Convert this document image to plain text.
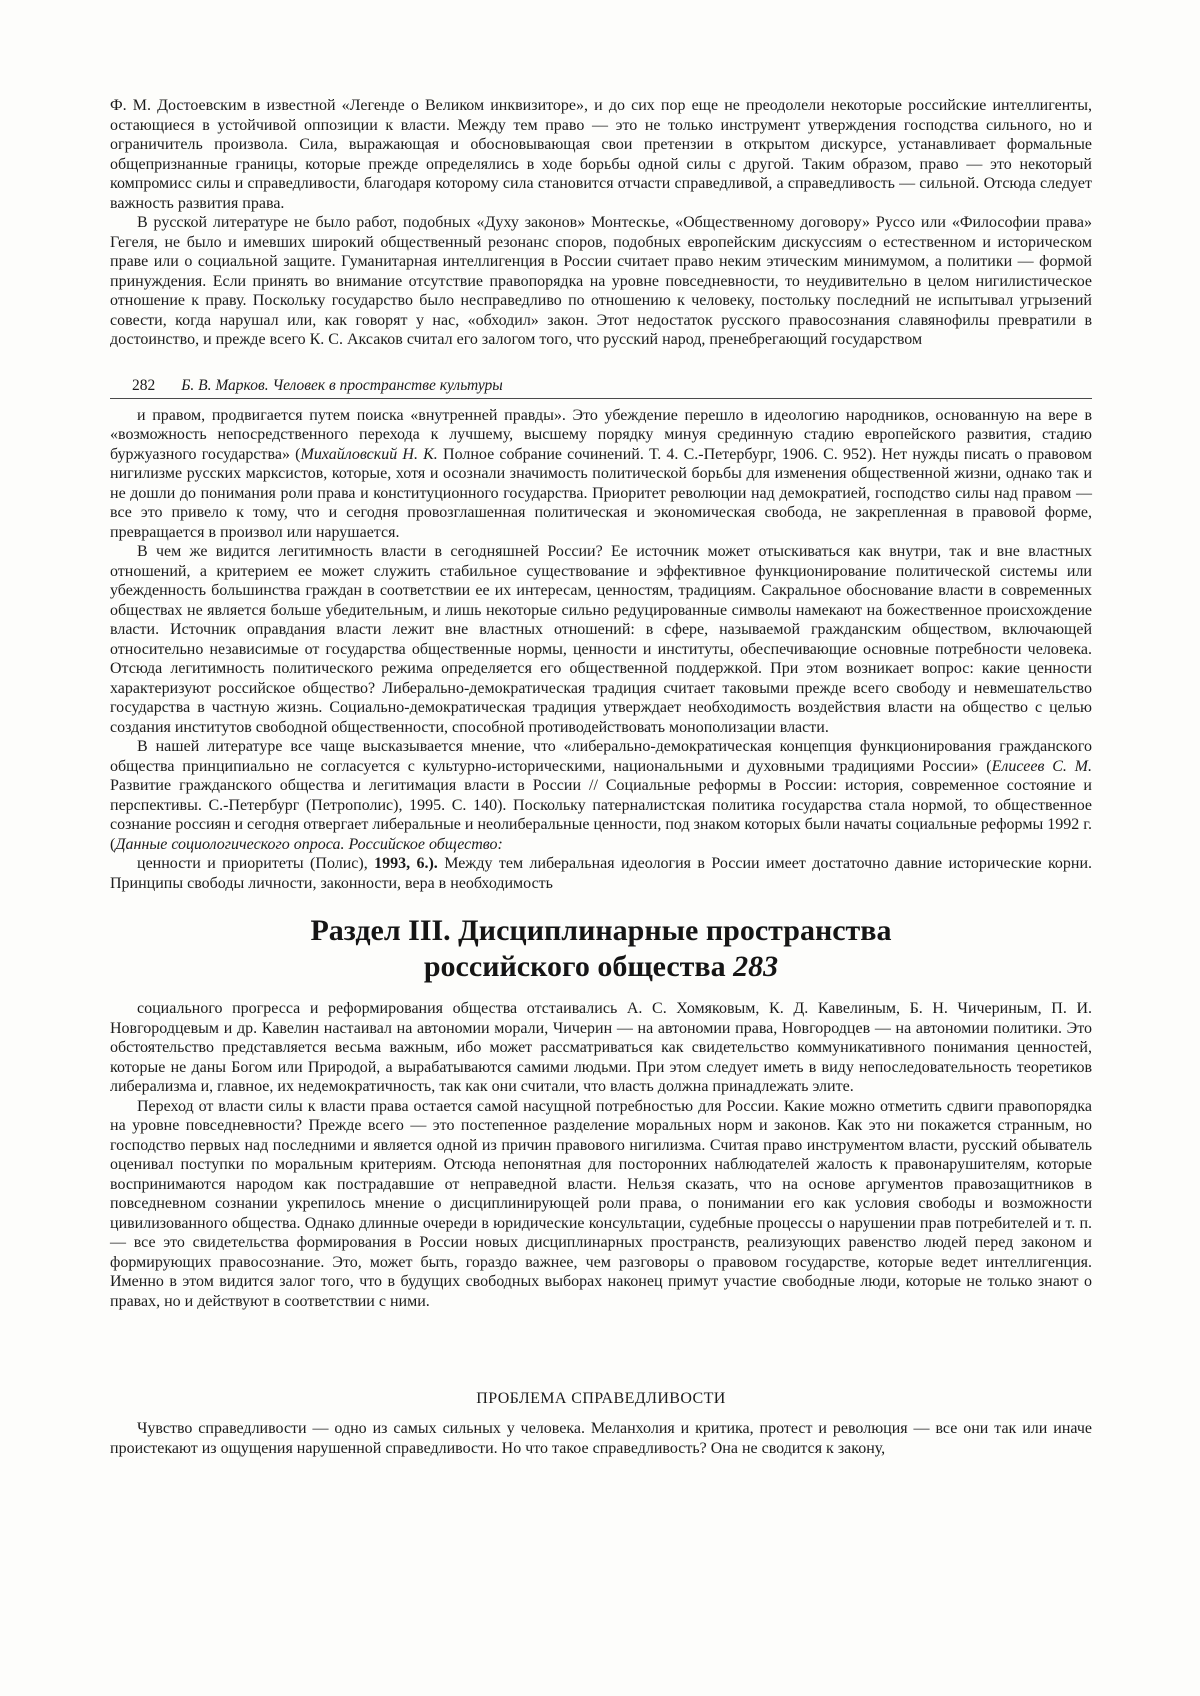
Ф. М. Достоевским в известной «Легенде о Великом инквизиторе», и до сих пор еще не преодолели некоторые российские интеллигенты, остающиеся в устойчивой оппозиции к власти. Между тем право — это не только инструмент утверждения господства сильного, но и ограничитель произвола. Сила, выражающая и обосновывающая свои претензии в открытом дискурсе, устанавливает формальные общепризнанные границы, которые прежде определялись в ходе борьбы одной силы с другой. Таким образом, право — это некоторый компромисс силы и справедливости, благодаря которому сила становится отчасти справедливой, а справедливость — сильной. Отсюда следует важность развития права.

В русской литературе не было работ, подобных «Духу законов» Монтескье, «Общественному договору» Руссо или «Философии права» Гегеля, не было и имевших широкий общественный резонанс споров, подобных европейским дискуссиям о естественном и историческом праве или о социальной защите. Гуманитарная интеллигенция в России считает право неким этическим минимумом, а политики — формой принуждения. Если принять во внимание отсутствие правопорядка на уровне повседневности, то неудивительно в целом нигилистическое отношение к праву. Поскольку государство было несправедливо по отношению к человеку, постольку последний не испытывал угрызений совести, когда нарушал или, как говорят у нас, «обходил» закон. Этот недостаток русского правосознания славянофилы превратили в достоинство, и прежде всего К. С. Аксаков считал его залогом того, что русский народ, пренебрегающий государством

282 Б. В. Марков. Человек в пространстве культуры

и правом, продвигается путем поиска «внутренней правды». Это убеждение перешло в идеологию народников, основанную на вере в «возможность непосредственного перехода к лучшему, высшему порядку минуя срединную стадию европейского развития, стадию буржуазного государства» (Михайловский Н. К. Полное собрание сочинений. Т. 4. С.-Петербург, 1906. С. 952). Нет нужды писать о правовом нигилизме русских марксистов, которые, хотя и осознали значимость политической борьбы для изменения общественной жизни, однако так и не дошли до понимания роли права и конституционного государства. Приоритет революции над демократией, господство силы над правом — все это привело к тому, что и сегодня провозглашенная политическая и экономическая свобода, не закрепленная в правовой форме, превращается в произвол или нарушается.

В чем же видится легитимность власти в сегодняшней России? Ее источник может отыскиваться как внутри, так и вне властных отношений, а критерием ее может служить стабильное существование и эффективное функционирование политической системы или убежденность большинства граждан в соответствии ее их интересам, ценностям, традициям. Сакральное обоснование власти в современных обществах не является больше убедительным, и лишь некоторые сильно редуцированные символы намекают на божественное происхождение власти. Источник оправдания власти лежит вне властных отношений: в сфере, называемой гражданским обществом, включающей относительно независимые от государства общественные нормы, ценности и институты, обеспечивающие основные потребности человека. Отсюда легитимность политического режима определяется его общественной поддержкой. При этом возникает вопрос: какие ценности характеризуют российское общество? Либерально-демократическая традиция считает таковыми прежде всего свободу и невмешательство государства в частную жизнь. Социально-демократическая традиция утверждает необходимость воздействия власти на общество с целью создания институтов свободной общественности, способной противодействовать монополизации власти.

В нашей литературе все чаще высказывается мнение, что «либерально-демократическая концепция функционирования гражданского общества принципиально не согласуется с культурно-историческими, национальными и духовными традициями России» (Елисеев С. М. Развитие гражданского общества и легитимация власти в России // Социальные реформы в России: история, современное состояние и перспективы. С.-Петербург (Петрополис), 1995. С. 140). Поскольку патерналистская политика государства стала нормой, то общественное сознание россиян и сегодня отвергает либеральные и неолиберальные ценности, под знаком которых были начаты социальные реформы 1992 г. (Данные социологического опроса. Российское общество:

ценности и приоритеты (Полис), 1993, 6.). Между тем либеральная идеология в России имеет достаточно давние исторические корни. Принципы свободы личности, законности, вера в необходимость

Раздел III. Дисциплинарные пространства
российского общества 283

социального прогресса и реформирования общества отстаивались А. С. Хомяковым, К. Д. Кавелиным, Б. Н. Чичериным, П. И. Новгородцевым и др. Кавелин настаивал на автономии морали, Чичерин — на автономии права, Новгородцев — на автономии политики. Это обстоятельство представляется весьма важным, ибо может рассматриваться как свидетельство коммуникативного понимания ценностей, которые не даны Богом или Природой, а вырабатываются самими людьми. При этом следует иметь в виду непоследовательность теоретиков либерализма и, главное, их недемократичность, так как они считали, что власть должна принадлежать элите.

Переход от власти силы к власти права остается самой насущной потребностью для России. Какие можно отметить сдвиги правопорядка на уровне повседневности? Прежде всего — это постепенное разделение моральных норм и законов. Как это ни покажется странным, но господство первых над последними и является одной из причин правового нигилизма. Считая право инструментом власти, русский обыватель оценивал поступки по моральным критериям. Отсюда непонятная для посторонних наблюдателей жалость к правонарушителям, которые воспринимаются народом как пострадавшие от неправедной власти. Нельзя сказать, что на основе аргументов правозащитников в повседневном сознании укрепилось мнение о дисциплинирующей роли права, о понимании его как условия свободы и возможности цивилизованного общества. Однако длинные очереди в юридические консультации, судебные процессы о нарушении прав потребителей и т. п. — все это свидетельства формирования в России новых дисциплинарных пространств, реализующих равенство людей перед законом и формирующих правосознание. Это, может быть, гораздо важнее, чем разговоры о правовом государстве, которые ведет интеллигенция. Именно в этом видится залог того, что в будущих свободных выборах наконец примут участие свободные люди, которые не только знают о правах, но и действуют в соответствии с ними.

ПРОБЛЕМА СПРАВЕДЛИВОСТИ

Чувство справедливости — одно из самых сильных у человека. Меланхолия и критика, протест и революция — все они так или иначе проистекают из ощущения нарушенной справедливости. Но что такое справедливость? Она не сводится к закону,
